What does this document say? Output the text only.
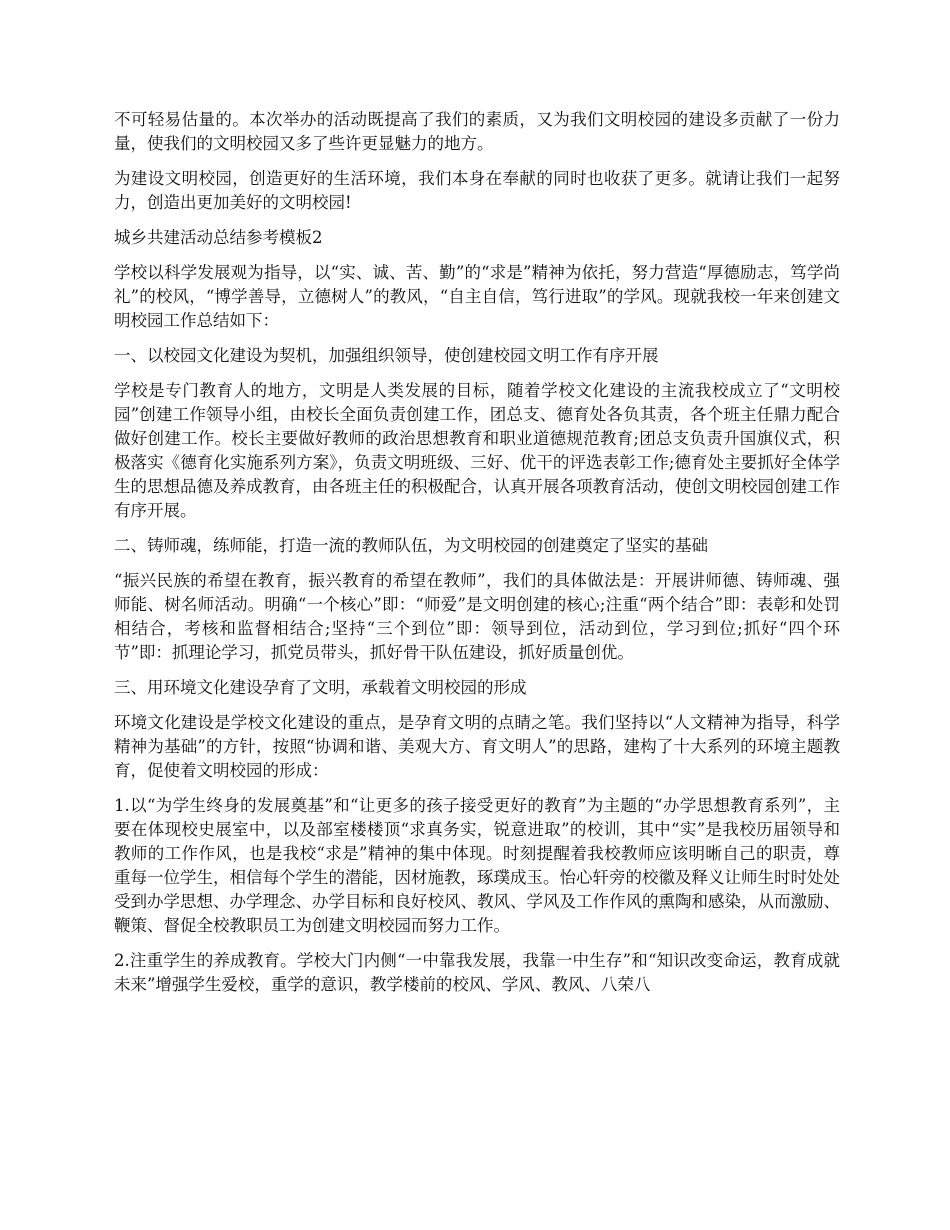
不可轻易估量的。本次举办的活动既提高了我们的素质，又为我们文明校园的建设多贡献了一份力量，使我们的文明校园又多了些许更显魅力的地方。

为建设文明校园，创造更好的生活环境，我们本身在奉献的同时也收获了更多。就请让我们一起努力，创造出更加美好的文明校园!

城乡共建活动总结参考模板2

学校以科学发展观为指导，以“实、诚、苦、勤”的“求是”精神为依托，努力营造“厚德励志，笃学尚礼”的校风，“博学善导，立德树人”的教风，“自主自信，笃行进取”的学风。现就我校一年来创建文明校园工作总结如下：

一、以校园文化建设为契机，加强组织领导，使创建校园文明工作有序开展

学校是专门教育人的地方，文明是人类发展的目标，随着学校文化建设的主流我校成立了“文明校园”创建工作领导小组，由校长全面负责创建工作，团总支、德育处各负其责，各个班主任鼎力配合做好创建工作。校长主要做好教师的政治思想教育和职业道德规范教育;团总支负责升国旗仪式，积极落实《德育化实施系列方案》，负责文明班级、三好、优干的评选表彰工作;德育处主要抓好全体学生的思想品德及养成教育，由各班主任的积极配合，认真开展各项教育活动，使创文明校园创建工作有序开展。

二、铸师魂，练师能，打造一流的教师队伍，为文明校园的创建奠定了坚实的基础

“振兴民族的希望在教育，振兴教育的希望在教师”，我们的具体做法是：开展讲师德、铸师魂、强师能、树名师活动。明确“一个核心”即：“师爱”是文明创建的核心;注重“两个结合”即：表彰和处罚相结合，考核和监督相结合;坚持“三个到位”即：领导到位，活动到位，学习到位;抓好“四个环节”即：抓理论学习，抓党员带头，抓好骨干队伍建设，抓好质量创优。

三、用环境文化建设孕育了文明，承载着文明校园的形成

环境文化建设是学校文化建设的重点，是孕育文明的点睛之笔。我们坚持以“人文精神为指导，科学精神为基础”的方针，按照“协调和谐、美观大方、育文明人”的思路，建构了十大系列的环境主题教育，促使着文明校园的形成：

1.以“为学生终身的发展奠基”和“让更多的孩子接受更好的教育”为主题的“办学思想教育系列”，主要在体现校史展室中，以及部室楼楼顶“求真务实，锐意进取”的校训，其中“实”是我校历届领导和教师的工作作风，也是我校“求是”精神的集中体现。时刻提醒着我校教师应该明晰自己的职责，尊重每一位学生，相信每个学生的潜能，因材施教，琢璞成玉。怡心轩旁的校徽及释义让师生时时处处受到办学思想、办学理念、办学目标和良好校风、教风、学风及工作作风的熏陶和感染，从而激励、鞭策、督促全校教职员工为创建文明校园而努力工作。

2.注重学生的养成教育。学校大门内侧“一中靠我发展，我靠一中生存”和“知识改变命运，教育成就未来”增强学生爱校，重学的意识，教学楼前的校风、学风、教风、八荣八
